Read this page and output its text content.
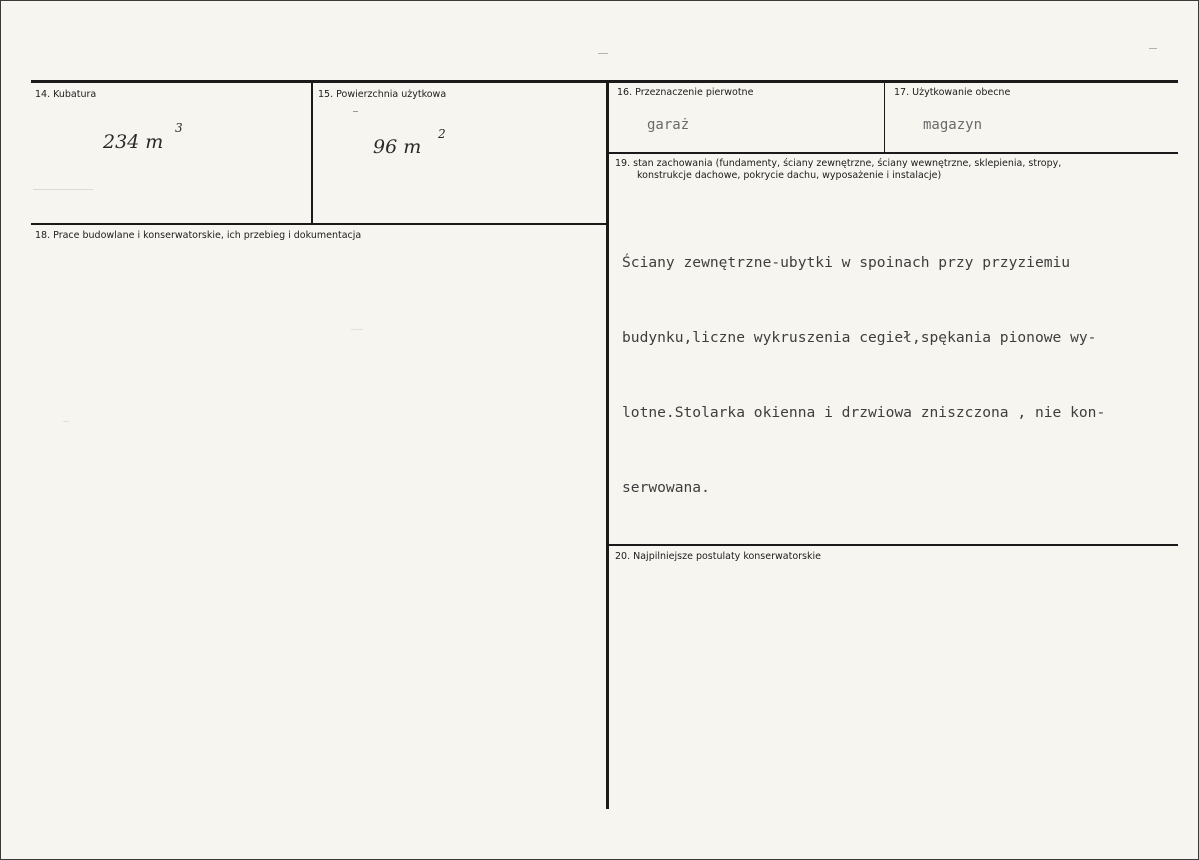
14. Kubatura
234 m
3
15. Powierzchnia użytkowa
96 m
2
16. Przeznaczenie pierwotne
garaż
17. Użytkowanie obecne
magazyn
19. stan zachowania (fundamenty, ściany zewnętrzne, ściany wewnętrzne, sklepienia, stropy,
konstrukcje dachowe, pokrycie dachu, wyposażenie i instalacje)

Ściany zewnętrzne-ubytki w spoinach przy przyziemiu

budynku,liczne wykruszenia cegieł,spękania pionowe wy-

lotne.Stolarka okienna i drzwiowa zniszczona , nie kon-

serwowana.

18. Prace budowlane i konserwatorskie, ich przebieg i dokumentacja
20. Najpilniejsze postulaty konserwatorskie
